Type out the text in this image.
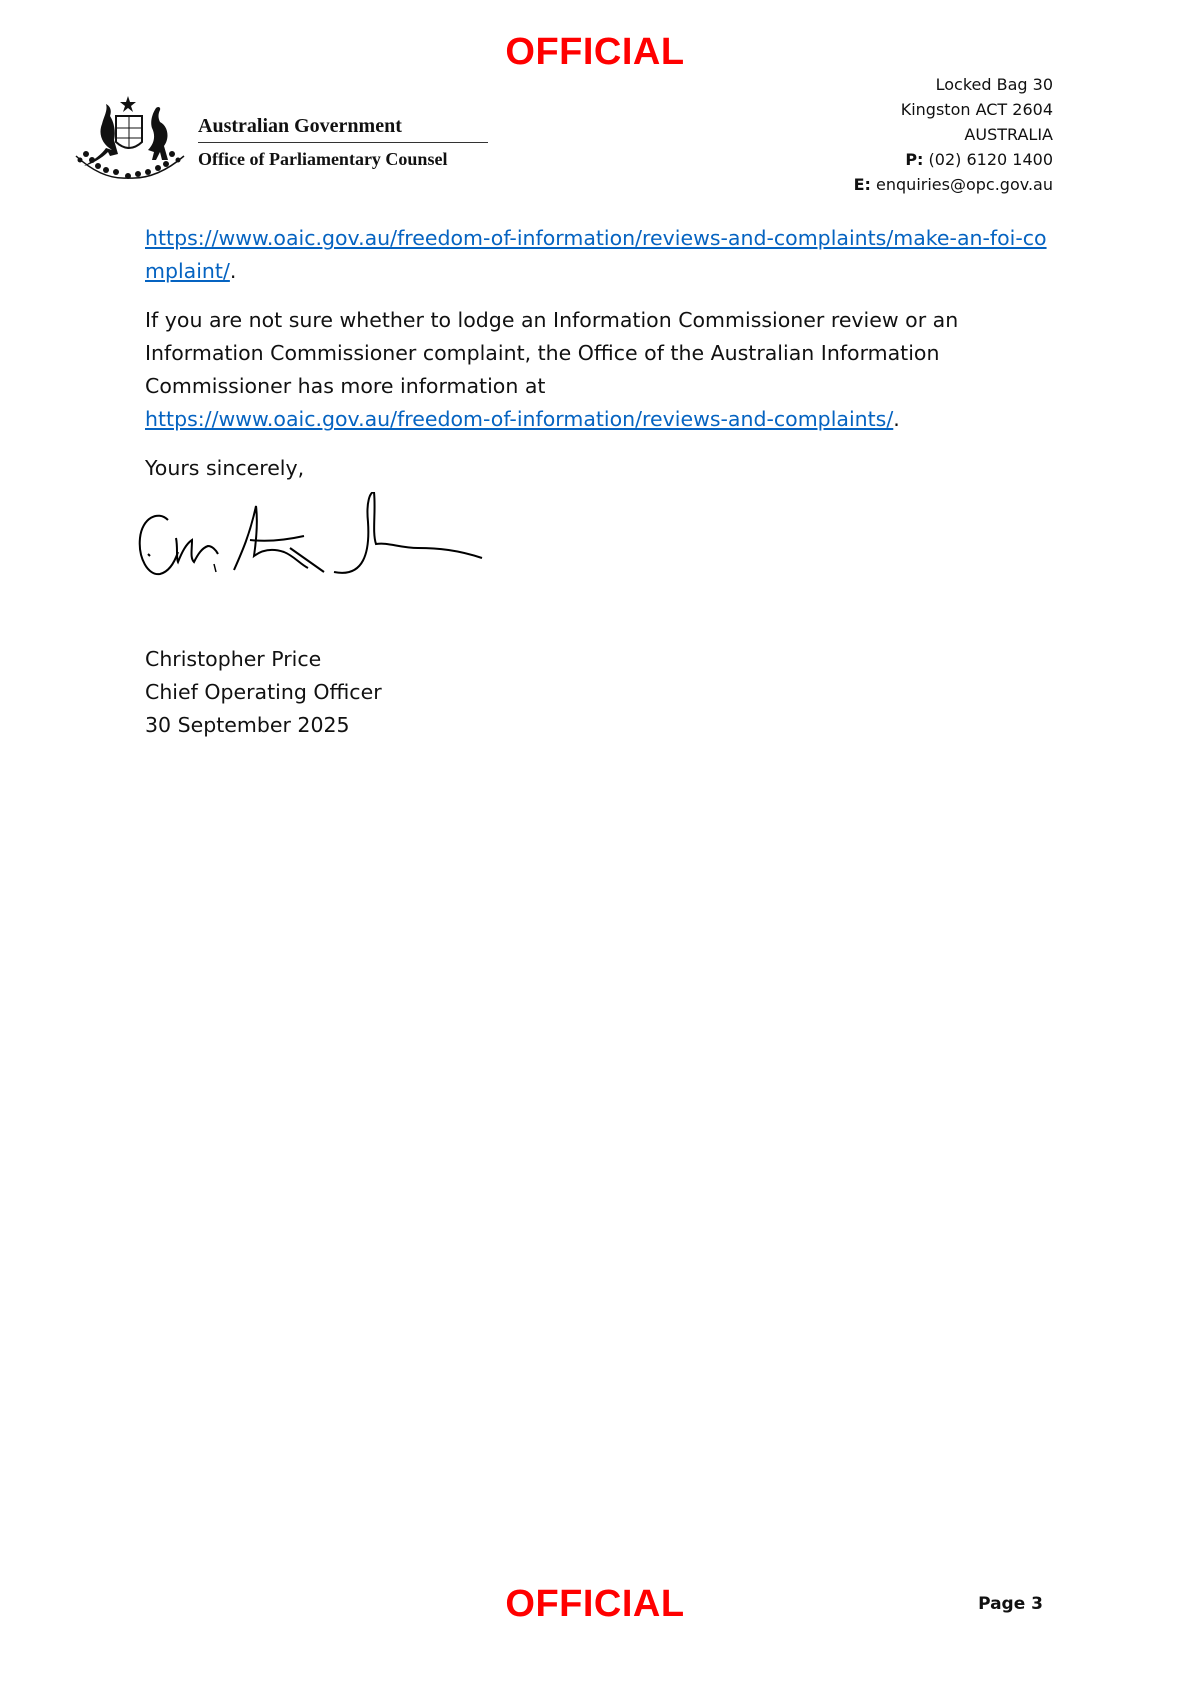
OFFICIAL
Australian Government
Office of Parliamentary Counsel
Locked Bag 30
Kingston ACT 2604
AUSTRALIA
P: (02) 6120 1400
E: enquiries@opc.gov.au

https://www.oaic.gov.au/freedom-of-information/reviews-and-complaints/make-an-foi-complaint/.

If you are not sure whether to lodge an Information Commissioner review or an Information Commissioner complaint, the Office of the Australian Information Commissioner has more information at
https://www.oaic.gov.au/freedom-of-information/reviews-and-complaints/.

Yours sincerely,

Christopher Price
Chief Operating Officer
30 September 2025
OFFICIAL	Page 3
